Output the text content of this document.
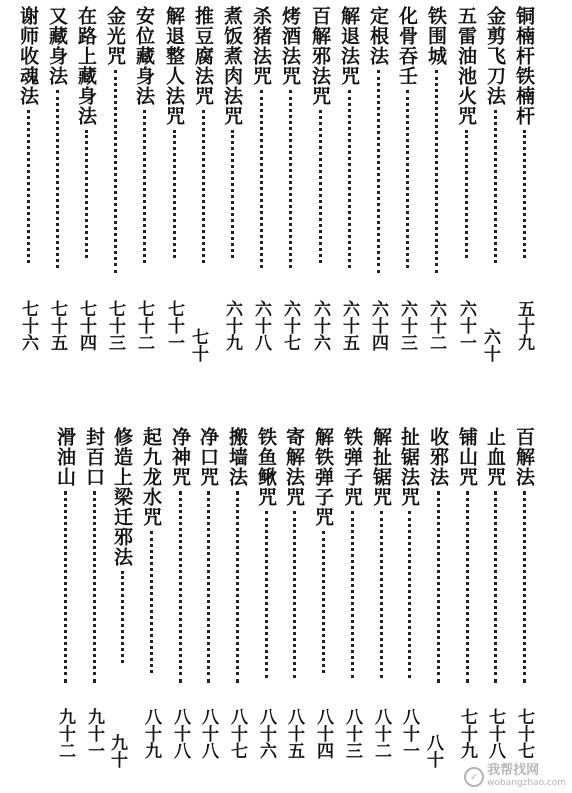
铜楠杆铁楠杆
五十九
金剪飞刀法
六十
五雷油池火咒
六十一
铁围城
六十二
化骨吞壬
六十三
定根法
六十四
解退法咒
六十五
百解邪法咒
六十六
烤酒法咒
六十七
杀猪法咒
六十八
煮饭煮肉法咒
六十九
推豆腐法咒
七十
解退整人法咒
七十一
安位藏身法
七十二
金光咒
七十三
在路上藏身法
七十四
又藏身法
七十五
谢师收魂法
七十六
百解法
七十七
止血咒
七十八
铺山咒
七十九
收邪法
八十
扯锯法咒
八十一
解扯锯咒
八十二
铁弹子咒
八十三
解铁弹子咒
八十四
寄解法咒
八十五
铁鱼鳅咒
八十六
搬墙法
八十七
净口咒
八十八
净神咒
八十八
起九龙水咒
八十九
修造上梁迁邪法
九十
封百口
九十一
滑油山
九十二
✓ 我帮找网
wobangzhao.com
